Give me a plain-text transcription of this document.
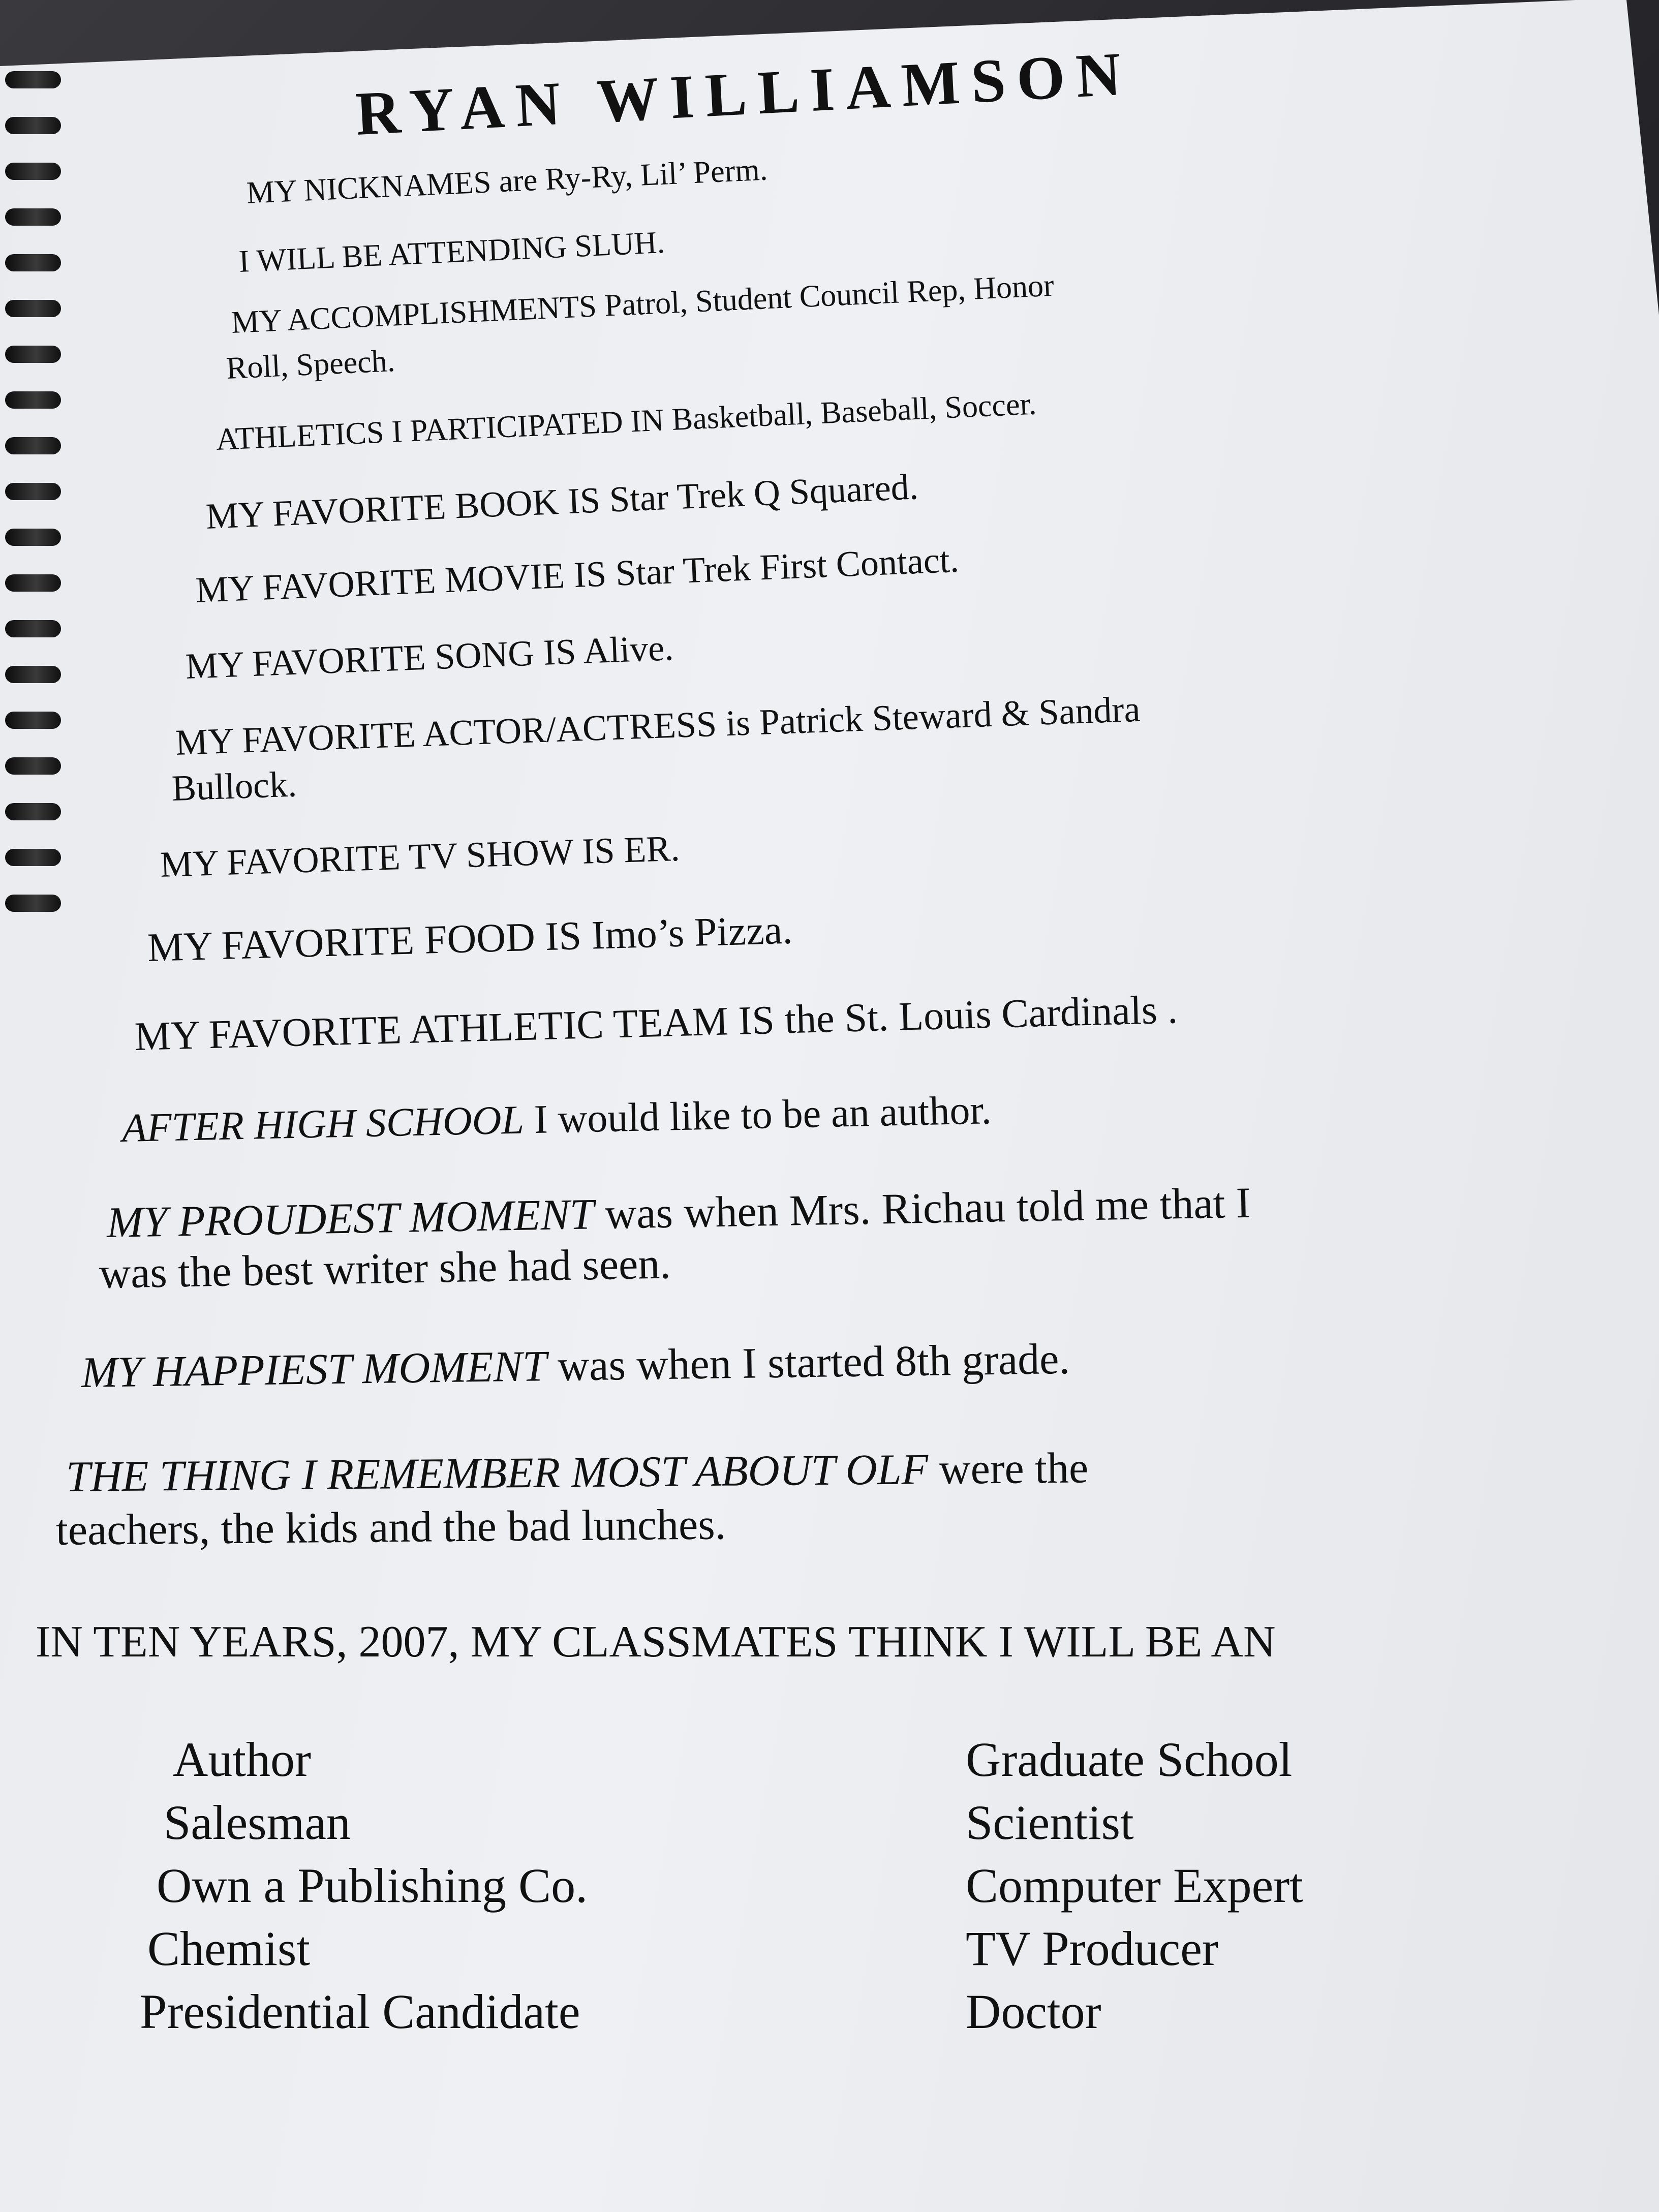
RYAN WILLIAMSON
MY NICKNAMES are Ry-Ry, Lil’ Perm.
I WILL BE ATTENDING SLUH.
MY ACCOMPLISHMENTS Patrol, Student Council Rep, Honor
Roll, Speech.
ATHLETICS I PARTICIPATED IN Basketball, Baseball, Soccer.
MY FAVORITE BOOK IS Star Trek Q Squared.
MY FAVORITE MOVIE IS Star Trek First Contact.
MY FAVORITE SONG IS Alive.
MY FAVORITE ACTOR/ACTRESS is Patrick Steward & Sandra
Bullock.
MY FAVORITE TV SHOW IS ER.
MY FAVORITE FOOD IS Imo’s Pizza.
MY FAVORITE ATHLETIC TEAM IS the St. Louis Cardinals .
AFTER HIGH SCHOOL I would like to be an author.
MY PROUDEST MOMENT was when Mrs. Richau told me that I
was the best writer she had seen.
MY HAPPIEST MOMENT was when I started 8th grade.
THE THING I REMEMBER MOST ABOUT OLF were the
teachers, the kids and the bad lunches.
IN TEN YEARS, 2007, MY CLASSMATES THINK I WILL BE AN
Author
Salesman
Own a Publishing Co.
Chemist
Presidential Candidate
Graduate School
Scientist
Computer Expert
TV Producer
Doctor
